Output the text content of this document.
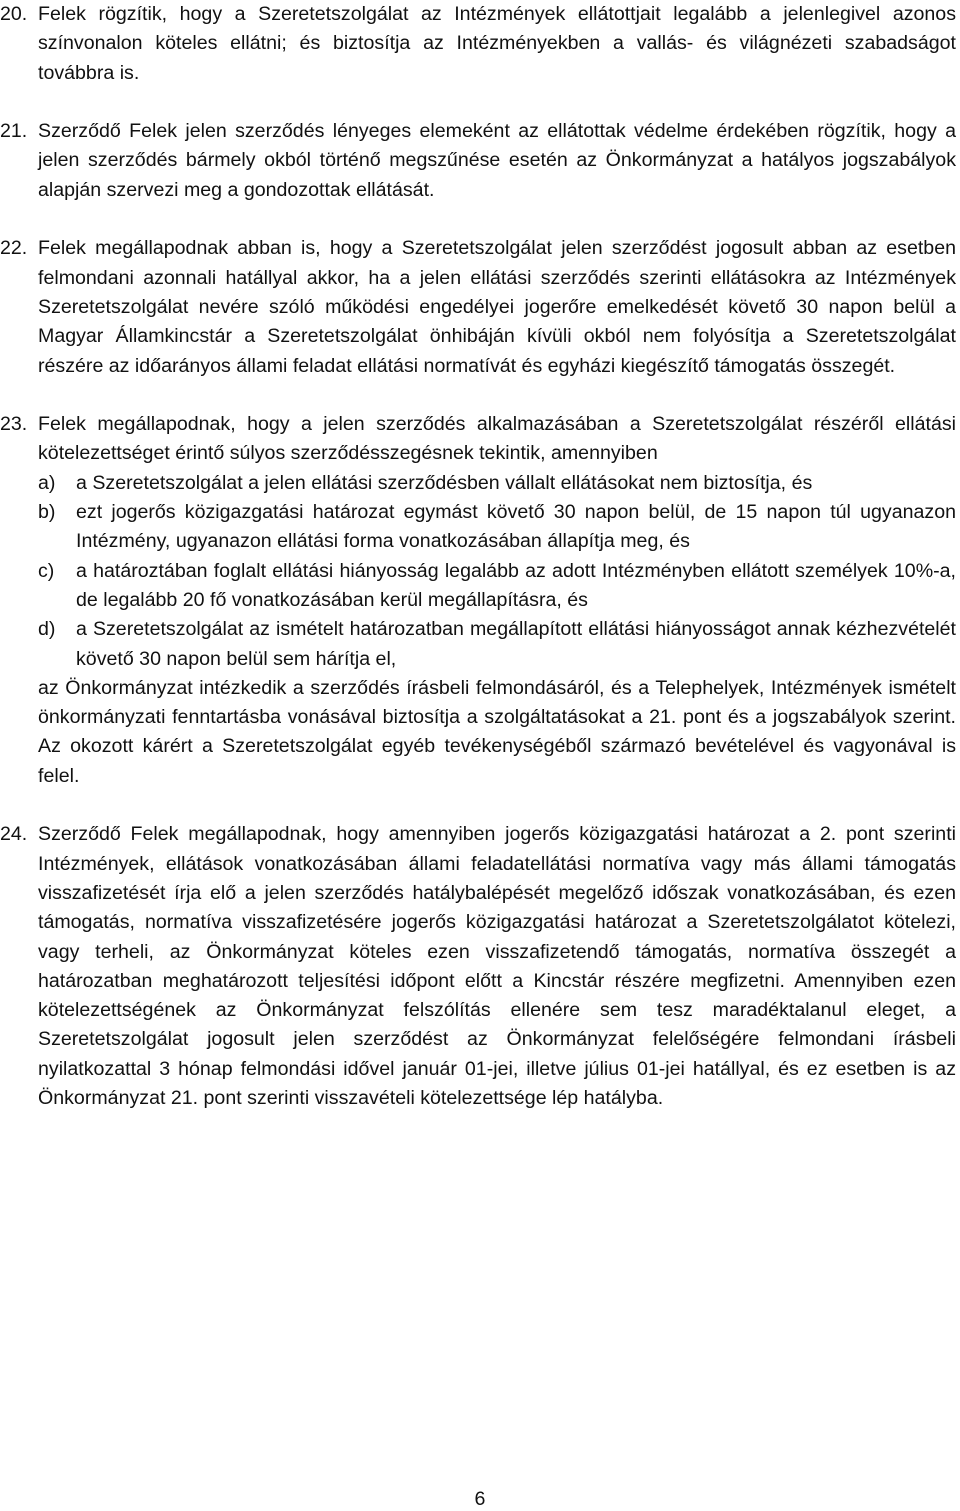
20. Felek rögzítik, hogy a Szeretetszolgálat az Intézmények ellátottjait legalább a jelenlegivel azonos színvonalon köteles ellátni; és biztosítja az Intézményekben a vallás- és világnézeti szabadságot továbbra is.

21. Szerződő Felek jelen szerződés lényeges elemeként az ellátottak védelme érdekében rögzítik, hogy a jelen szerződés bármely okból történő megszűnése esetén az Önkormányzat a hatályos jogszabályok alapján szervezi meg a gondozottak ellátását.

22. Felek megállapodnak abban is, hogy a Szeretetszolgálat jelen szerződést jogosult abban az esetben felmondani azonnali hatállyal akkor, ha a jelen ellátási szerződés szerinti ellátásokra az Intézmények Szeretetszolgálat nevére szóló működési engedélyei jogerőre emelkedését követő 30 napon belül a Magyar Államkincstár a Szeretetszolgálat önhibáján kívüli okból nem folyósítja a Szeretetszolgálat részére az időarányos állami feladat ellátási normatívát és egyházi kiegészítő támogatás összegét.

23. Felek megállapodnak, hogy a jelen szerződés alkalmazásában a Szeretetszolgálat részéről ellátási kötelezettséget érintő súlyos szerződésszegésnek tekintik, amennyiben
a)	a Szeretetszolgálat a jelen ellátási szerződésben vállalt ellátásokat nem biztosítja, és
b)	ezt jogerős közigazgatási határozat egymást követő 30 napon belül, de 15 napon túl ugyanazon Intézmény, ugyanazon ellátási forma vonatkozásában állapítja meg, és
c)	a határoztában foglalt ellátási hiányosság legalább az adott Intézményben ellátott személyek 10%-a, de legalább 20 fő vonatkozásában kerül megállapításra, és
d)	a Szeretetszolgálat az ismételt határozatban megállapított ellátási hiányosságot annak kézhezvételét követő 30 napon belül sem hárítja el,
az Önkormányzat intézkedik a szerződés írásbeli felmondásáról, és a Telephelyek, Intézmények ismételt önkormányzati fenntartásba vonásával biztosítja a szolgáltatásokat a 21. pont és a jogszabályok szerint. Az okozott kárért a Szeretetszolgálat egyéb tevékenységéből származó bevételével és vagyonával is felel.
24. Szerződő Felek megállapodnak, hogy amennyiben jogerős közigazgatási határozat a 2. pont szerinti Intézmények, ellátások vonatkozásában állami feladatellátási normatíva vagy más állami támogatás visszafizetését írja elő a jelen szerződés hatálybalépését megelőző időszak vonatkozásában, és ezen támogatás, normatíva visszafizetésére jogerős közigazgatási határozat a Szeretetszolgálatot kötelezi, vagy terheli, az Önkormányzat köteles ezen visszafizetendő támogatás, normatíva összegét a határozatban meghatározott teljesítési időpont előtt a Kincstár részére megfizetni. Amennyiben ezen kötelezettségének az Önkormányzat felszólítás ellenére sem tesz maradéktalanul eleget, a Szeretetszolgálat jogosult jelen szerződést az Önkormányzat felelőségére felmondani írásbeli nyilatkozattal 3 hónap felmondási idővel január 01-jei, illetve július 01-jei hatállyal, és ez esetben is az Önkormányzat 21. pont szerinti visszavételi kötelezettsége lép hatályba.

6
